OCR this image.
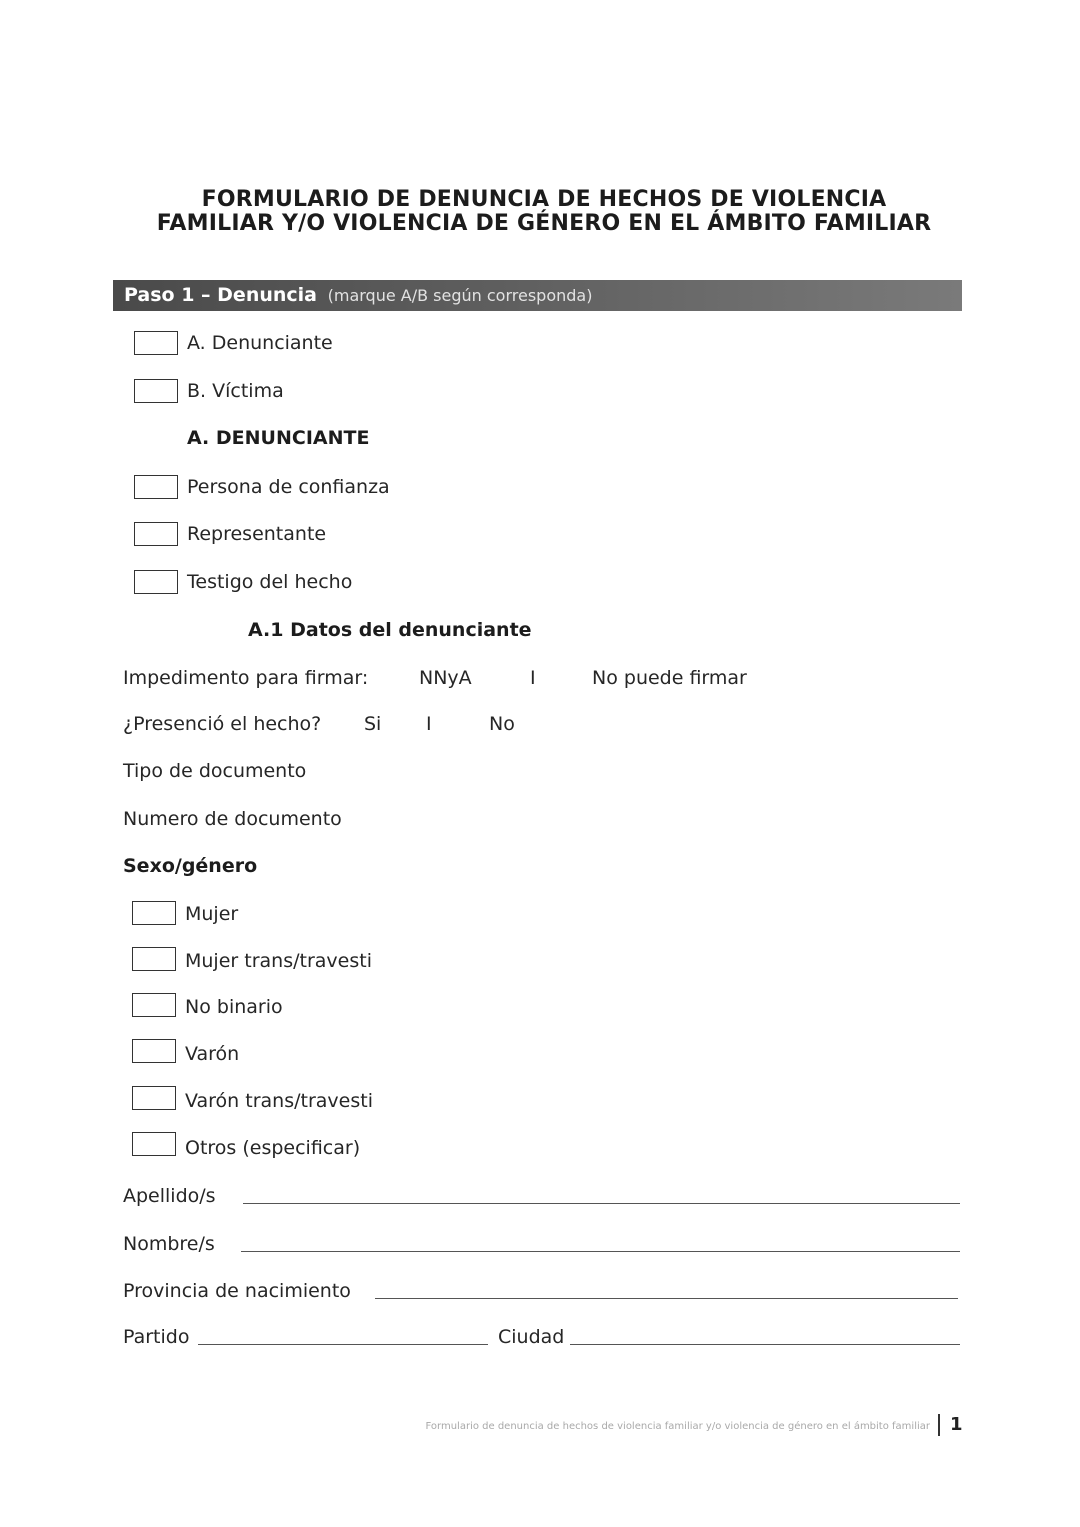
FORMULARIO DE DENUNCIA DE HECHOS DE VIOLENCIA
FAMILIAR Y/O VIOLENCIA DE GÉNERO EN EL ÁMBITO FAMILIAR
Paso 1 – Denuncia (marque A/B según corresponda)
A. Denunciante
B. Víctima
A. DENUNCIANTE
Persona de confianza
Representante
Testigo del hecho
A.1 Datos del denunciante
Impedimento para firmar:	NNyA	I	No puede firmar
¿Presenció el hecho? Si I	No
Tipo de documento
Numero de documento
Sexo/género
Mujer
Mujer trans/travesti
No binario
Varón
Varón trans/travesti
Otros (especificar)
Apellido/s
Nombre/s
Provincia de nacimiento
Partido	Ciudad
Formulario de denuncia de hechos de violencia familiar y/o violencia de género en el ámbito familiar 1
